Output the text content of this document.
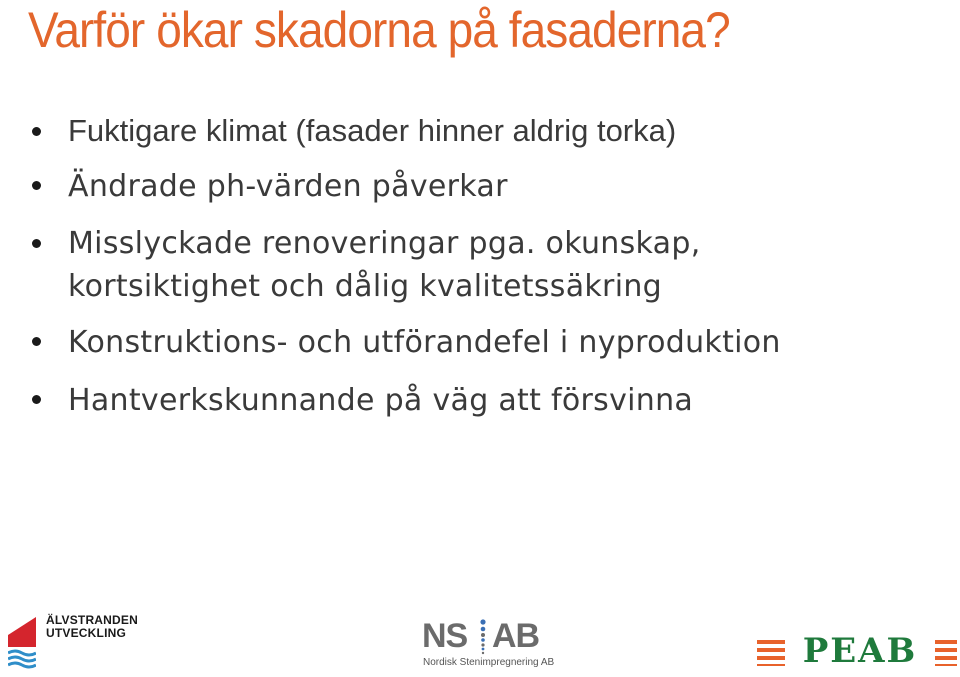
Varför ökar skadorna på fasaderna?
Fuktigare klimat (fasader hinner aldrig torka)
Ändrade ph-värden påverkar
Misslyckade renoveringar pga. okunskap,
kortsiktighet och dålig kvalitetssäkring
Konstruktions- och utförandefel i nyproduktion
Hantverkskunnande på väg att försvinna
ÄLVSTRANDEN
UTVECKLING	NS AB
Nordisk Stenimpregnering AB	PEAB
